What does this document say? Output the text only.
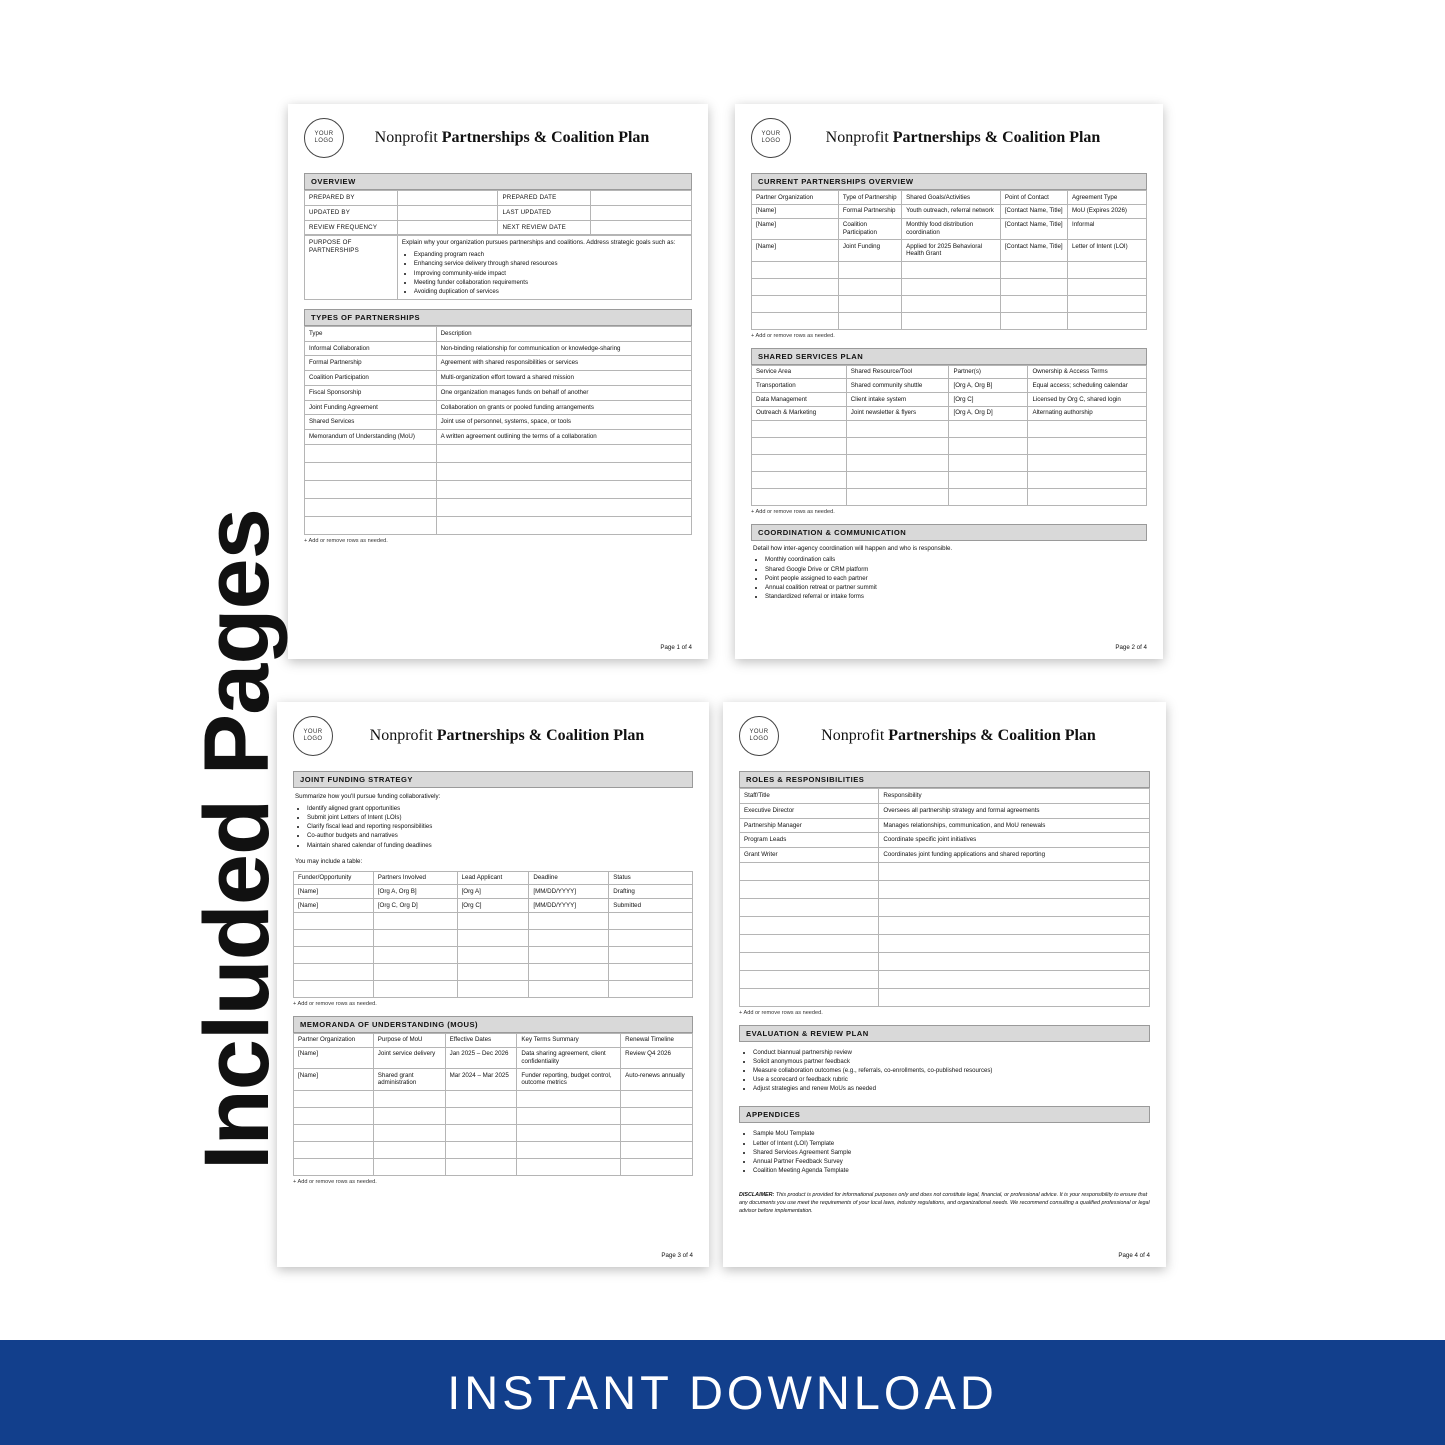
YOUR
LOGO	Nonprofit Partnerships & Coalition Plan
OVERVIEW
PREPARED BY		PREPARED DATE	
UPDATED BY		LAST UPDATED	
REVIEW FREQUENCY		NEXT REVIEW DATE	
PURPOSE OF PARTNERSHIPS	
Explain why your organization pursues partnerships and coalitions. Address strategic goals such as:
• Expanding program reach
• Enhancing service delivery through shared resources
• Improving community-wide impact
• Meeting funder collaboration requirements
• Avoiding duplication of services
TYPES OF PARTNERSHIPS
Type	Description
Informal Collaboration	Non-binding relationship for communication or knowledge-sharing
Formal Partnership	Agreement with shared responsibilities or services
Coalition Participation	Multi-organization effort toward a shared mission
Fiscal Sponsorship	One organization manages funds on behalf of another
Joint Funding Agreement	Collaboration on grants or pooled funding arrangements
Shared Services	Joint use of personnel, systems, space, or tools
Memorandum of Understanding (MoU)	A written agreement outlining the terms of a collaboration

+ Add or remove rows as needed.
Page 1 of 4
YOUR
LOGO	Nonprofit Partnerships & Coalition Plan
CURRENT PARTNERSHIPS OVERVIEW
Partner Organization	Type of Partnership	Shared Goals/Activities	Point of Contact	Agreement Type
[Name]	Formal Partnership	Youth outreach, referral network	[Contact Name, Title]	MoU (Expires 2026)
[Name]	Coalition Participation	Monthly food distribution coordination	[Contact Name, Title]	Informal
[Name]	Joint Funding	Applied for 2025 Behavioral Health Grant	[Contact Name, Title]	Letter of Intent (LOI)

+ Add or remove rows as needed.
SHARED SERVICES PLAN
Service Area	Shared Resource/Tool	Partner(s)	Ownership & Access Terms
Transportation	Shared community shuttle	[Org A, Org B]	Equal access; scheduling calendar
Data Management	Client intake system	[Org C]	Licensed by Org C, shared login
Outreach & Marketing	Joint newsletter & flyers	[Org A, Org D]	Alternating authorship

+ Add or remove rows as needed.
COORDINATION & COMMUNICATION
Detail how inter-agency coordination will happen and who is responsible.
• Monthly coordination calls
• Shared Google Drive or CRM platform
• Point people assigned to each partner
• Annual coalition retreat or partner summit
• Standardized referral or intake forms
Page 2 of 4
YOUR
LOGO	Nonprofit Partnerships & Coalition Plan
JOINT FUNDING STRATEGY
Summarize how you'll pursue funding collaboratively:
• Identify aligned grant opportunities
• Submit joint Letters of Intent (LOIs)
• Clarify fiscal lead and reporting responsibilities
• Co-author budgets and narratives
• Maintain shared calendar of funding deadlines
You may include a table:
Funder/Opportunity	Partners Involved	Lead Applicant	Deadline	Status
[Name]	[Org A, Org B]	[Org A]	[MM/DD/YYYY]	Drafting
[Name]	[Org C, Org D]	[Org C]	[MM/DD/YYYY]	Submitted

+ Add or remove rows as needed.
MEMORANDA OF UNDERSTANDING (MOUS)
Partner Organization	Purpose of MoU	Effective Dates	Key Terms Summary	Renewal Timeline
[Name]	Joint service delivery	Jan 2025 – Dec 2026	Data sharing agreement, client confidentiality	Review Q4 2026
[Name]	Shared grant administration	Mar 2024 – Mar 2025	Funder reporting, budget control, outcome metrics	Auto-renews annually

+ Add or remove rows as needed.
Page 3 of 4
YOUR
LOGO	Nonprofit Partnerships & Coalition Plan
ROLES & RESPONSIBILITIES
Staff/Title	Responsibility
Executive Director	Oversees all partnership strategy and formal agreements
Partnership Manager	Manages relationships, communication, and MoU renewals
Program Leads	Coordinate specific joint initiatives
Grant Writer	Coordinates joint funding applications and shared reporting

+ Add or remove rows as needed.
EVALUATION & REVIEW PLAN
• Conduct biannual partnership review
• Solicit anonymous partner feedback
• Measure collaboration outcomes (e.g., referrals, co-enrollments, co-published resources)
• Use a scorecard or feedback rubric
• Adjust strategies and renew MoUs as needed
APPENDICES
• Sample MoU Template
• Letter of Intent (LOI) Template
• Shared Services Agreement Sample
• Annual Partner Feedback Survey
• Coalition Meeting Agenda Template
DISCLAIMER: This product is provided for informational purposes only and does not constitute legal, financial, or professional advice. It is your responsibility to ensure that any documents you use meet the requirements of your local laws, industry regulations, and organizational needs. We recommend consulting a qualified professional or legal advisor before implementation.
Page 4 of 4
Included Pages
INSTANT DOWNLOAD
